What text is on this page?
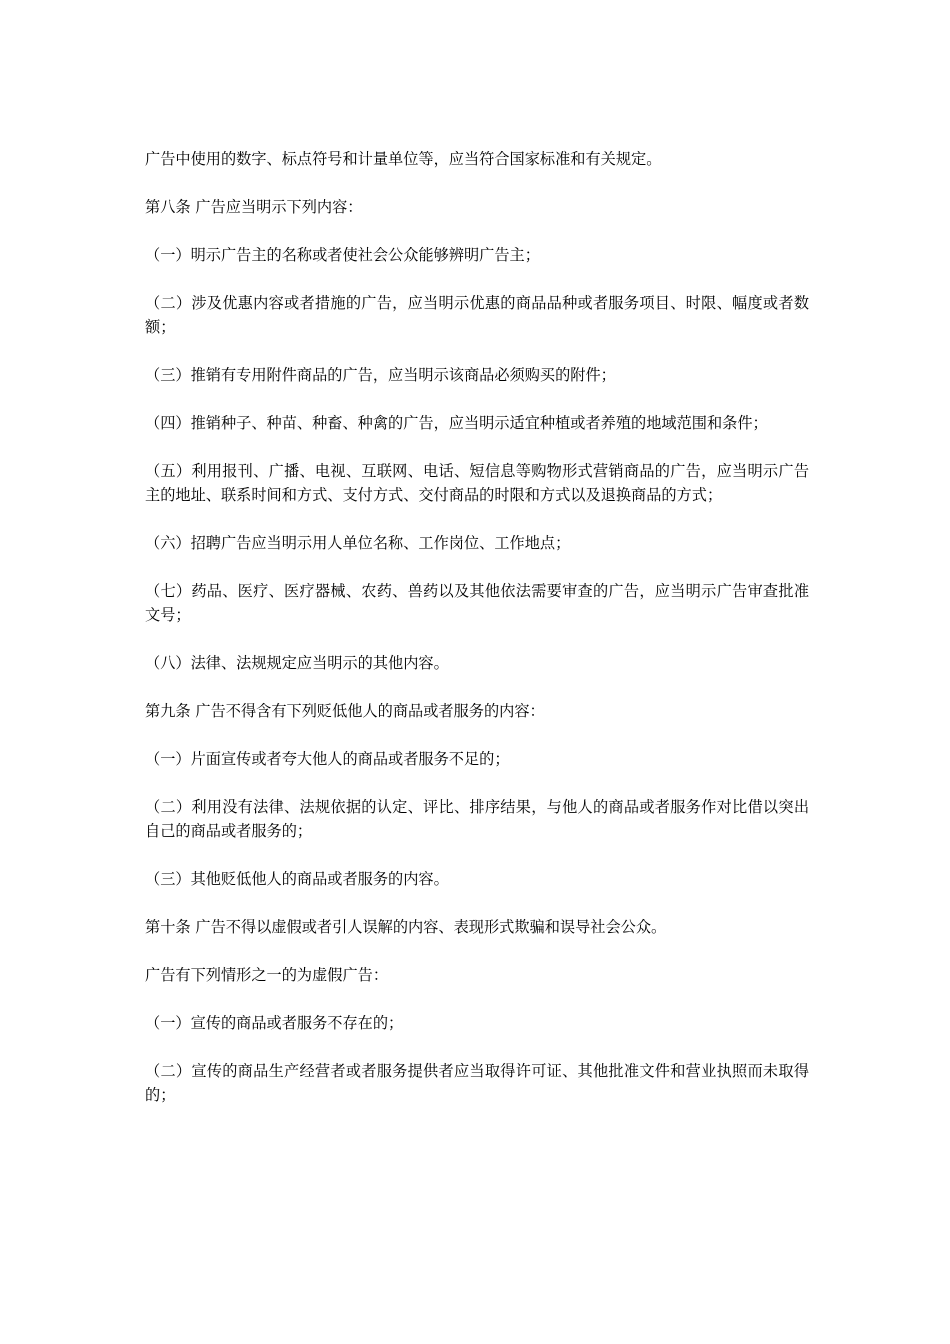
广告中使用的数字、标点符号和计量单位等，应当符合国家标准和有关规定。

第八条 广告应当明示下列内容：

（一）明示广告主的名称或者使社会公众能够辨明广告主；

（二）涉及优惠内容或者措施的广告，应当明示优惠的商品品种或者服务项目、时限、幅度或者数额；

（三）推销有专用附件商品的广告，应当明示该商品必须购买的附件；

（四）推销种子、种苗、种畜、种禽的广告，应当明示适宜种植或者养殖的地域范围和条件；

（五）利用报刊、广播、电视、互联网、电话、短信息等购物形式营销商品的广告，应当明示广告主的地址、联系时间和方式、支付方式、交付商品的时限和方式以及退换商品的方式；

（六）招聘广告应当明示用人单位名称、工作岗位、工作地点；

（七）药品、医疗、医疗器械、农药、兽药以及其他依法需要审查的广告，应当明示广告审查批准文号；

（八）法律、法规规定应当明示的其他内容。

第九条 广告不得含有下列贬低他人的商品或者服务的内容：

（一）片面宣传或者夸大他人的商品或者服务不足的；

（二）利用没有法律、法规依据的认定、评比、排序结果，与他人的商品或者服务作对比借以突出自己的商品或者服务的；

（三）其他贬低他人的商品或者服务的内容。

第十条 广告不得以虚假或者引人误解的内容、表现形式欺骗和误导社会公众。

广告有下列情形之一的为虚假广告：

（一）宣传的商品或者服务不存在的；

（二）宣传的商品生产经营者或者服务提供者应当取得许可证、其他批准文件和营业执照而未取得的；
